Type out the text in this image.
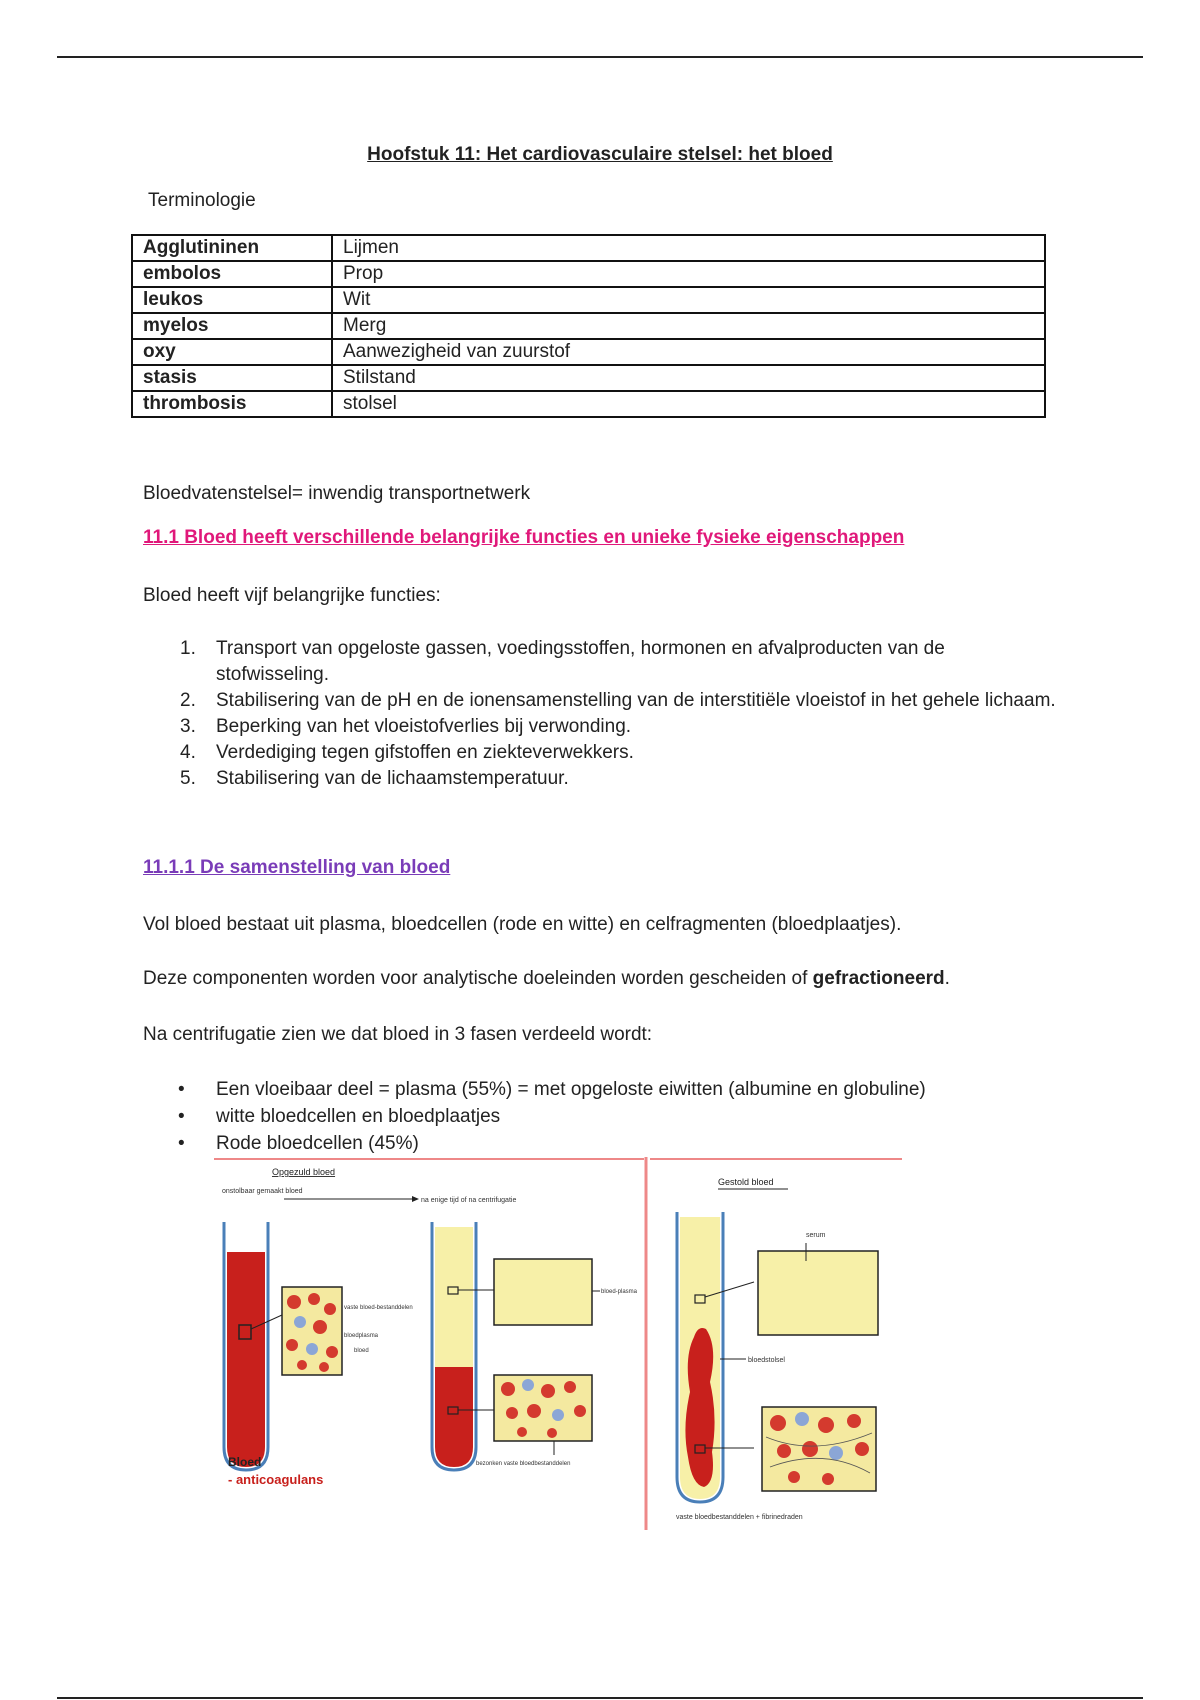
Hoofstuk 11: Het cardiovasculaire stelsel: het bloed
Terminologie
Agglutininen	Lijmen
embolos	Prop
leukos	Wit
myelos	Merg
oxy	Aanwezigheid van zuurstof
stasis	Stilstand
thrombosis	stolsel
Bloedvatenstelsel= inwendig transportnetwerk
11.1 Bloed heeft verschillende belangrijke functies en unieke fysieke eigenschappen
Bloed heeft vijf belangrijke functies:
1.	Transport van opgeloste gassen, voedingsstoffen, hormonen en afvalproducten van de stofwisseling.
2.	Stabilisering van de pH en de ionensamenstelling van de interstitiële vloeistof in het gehele lichaam.
3.	Beperking van het vloeistofverlies bij verwonding.
4.	Verdediging tegen gifstoffen en ziekteverwekkers.
5.	Stabilisering van de lichaamstemperatuur.
11.1.1 De samenstelling van bloed
Vol bloed bestaat uit plasma, bloedcellen (rode en witte) en celfragmenten (bloedplaatjes).
Deze componenten worden voor analytische doeleinden worden gescheiden of gefractioneerd.
Na centrifugatie zien we dat bloed in 3 fasen verdeeld wordt:
•	Een vloeibaar deel = plasma (55%) = met opgeloste eiwitten (albumine en globuline)
•	witte bloedcellen en bloedplaatjes
•	Rode bloedcellen (45%)
Opgezuld bloed
onstolbaar gemaakt bloed
na enige tijd of na centrifugatie
vaste bloed-bestanddelen
bloedplasma
bloed
Bloed
- anticoagulans
bloed-plasma
bezonken vaste bloedbestanddelen
Gestold bloed
serum
bloedstolsel
vaste bloedbestanddelen + fibrinedraden
